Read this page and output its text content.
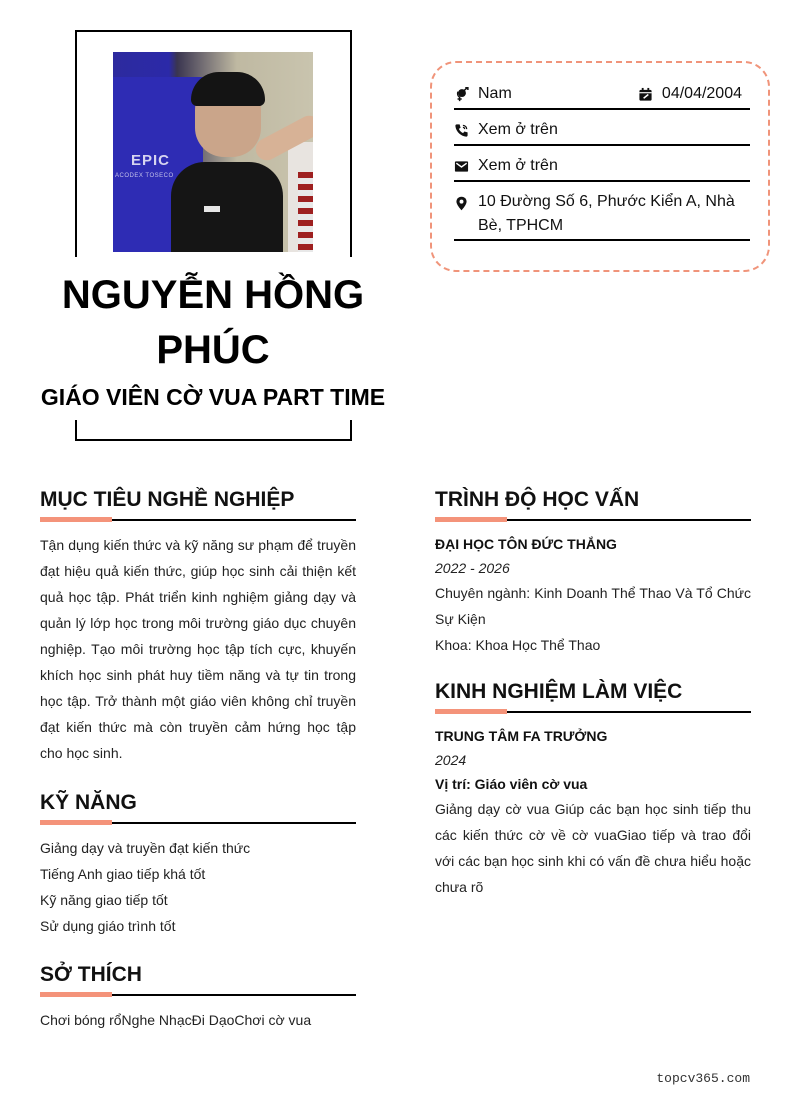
EPIC
ACODEX TOSECO
NGUYỄN HỒNG PHÚC
GIÁO VIÊN CỜ VUA PART TIME
Nam	04/04/2004
Xem ở trên
Xem ở trên
10 Đường Số 6, Phước Kiển A, Nhà Bè, TPHCM
MỤC TIÊU NGHỀ NGHIỆP
Tận dụng kiến thức và kỹ năng sư phạm để truyền đạt hiệu quả kiến thức, giúp học sinh cải thiện kết quả học tập. Phát triển kinh nghiệm giảng dạy và quản lý lớp học trong môi trường giáo dục chuyên nghiệp. Tạo môi trường học tập tích cực, khuyến khích học sinh phát huy tiềm năng và tự tin trong học tập. Trở thành một giáo viên không chỉ truyền đạt kiến thức mà còn truyền cảm hứng học tập cho học sinh.
KỸ NĂNG
Giảng dạy và truyền đạt kiến thức
Tiếng Anh giao tiếp khá tốt
Kỹ năng giao tiếp tốt
Sử dụng giáo trình tốt
SỞ THÍCH
Chơi bóng rổNghe NhạcĐi DạoChơi cờ vua
TRÌNH ĐỘ HỌC VẤN
ĐẠI HỌC TÔN ĐỨC THẮNG
2022 - 2026
Chuyên ngành: Kinh Doanh Thể Thao Và Tổ Chức Sự Kiện
Khoa: Khoa Học Thể Thao
KINH NGHIỆM LÀM VIỆC
TRUNG TÂM FA TRƯỞNG
2024
Vị trí: Giáo viên cờ vua
Giảng dạy cờ vua Giúp các bạn học sinh tiếp thu các kiến thức cờ về cờ vuaGiao tiếp và trao đổi với các bạn học sinh khi có vấn đề chưa hiểu hoặc chưa rõ
topcv365.com
